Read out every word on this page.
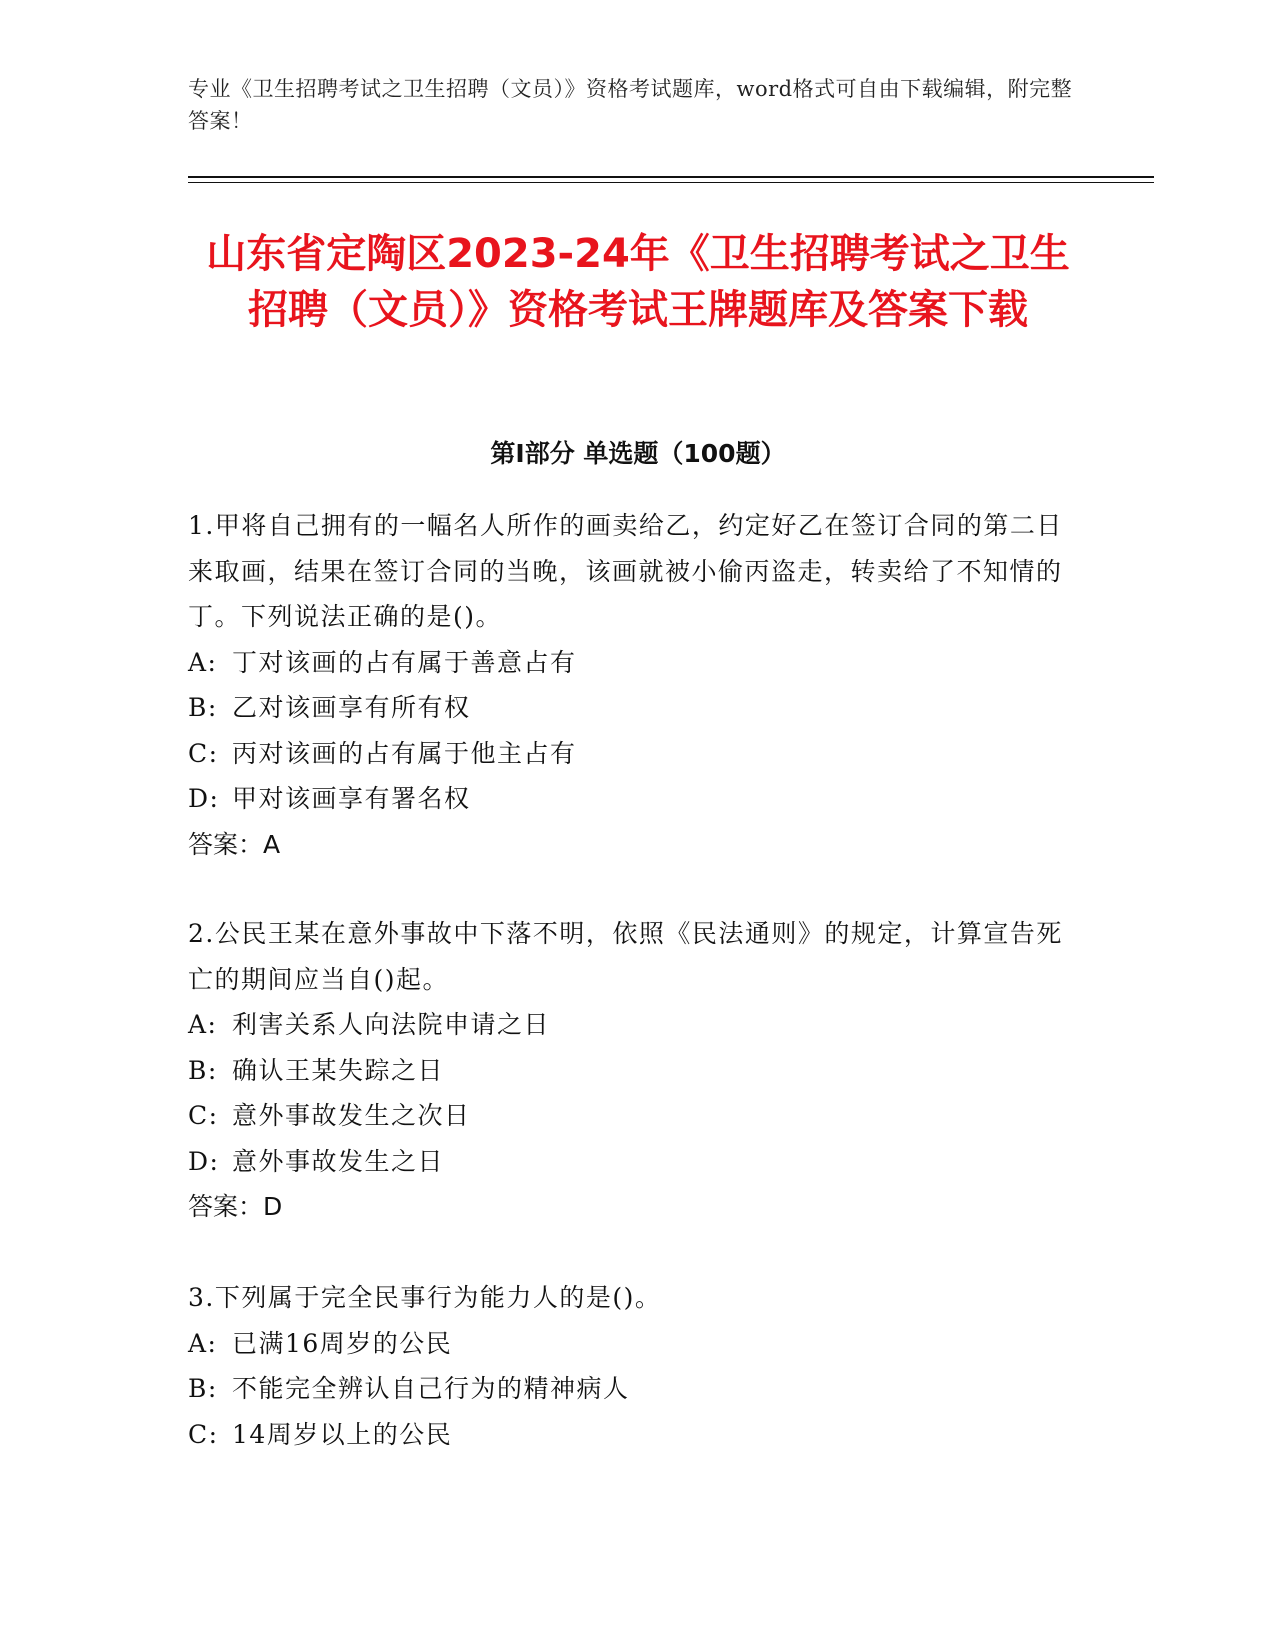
专业《卫生招聘考试之卫生招聘（文员）》资格考试题库，word格式可自由下载编辑，附完整答案！
山东省定陶区2023-24年《卫生招聘考试之卫生招聘（文员）》资格考试王牌题库及答案下载
第Ⅰ部分 单选题（100题）

1.甲将自己拥有的一幅名人所作的画卖给乙，约定好乙在签订合同的第二日来取画，结果在签订合同的当晚，该画就被小偷丙盗走，转卖给了不知情的丁。下列说法正确的是()。

A: 丁对该画的占有属于善意占有

B: 乙对该画享有所有权

C: 丙对该画的占有属于他主占有

D: 甲对该画享有署名权

答案：A

2.公民王某在意外事故中下落不明，依照《民法通则》的规定，计算宣告死亡的期间应当自()起。

A: 利害关系人向法院申请之日

B: 确认王某失踪之日

C: 意外事故发生之次日

D: 意外事故发生之日

答案：D

3.下列属于完全民事行为能力人的是()。

A: 已满16周岁的公民

B: 不能完全辨认自己行为的精神病人

C: 14周岁以上的公民
